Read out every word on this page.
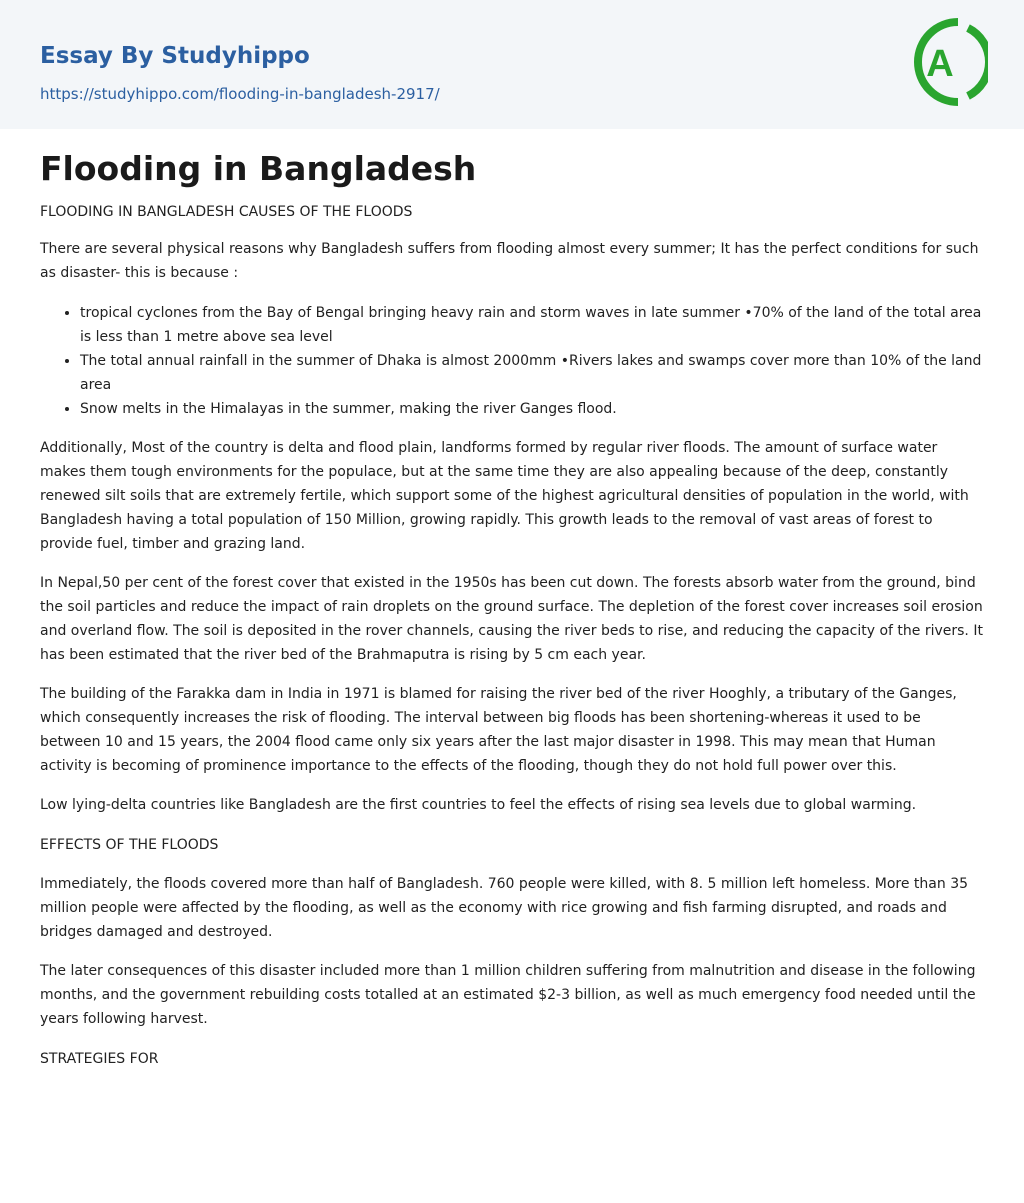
Essay By Studyhippo
https://studyhippo.com/flooding-in-bangladesh-2917/
A
Flooding in Bangladesh

FLOODING IN BANGLADESH CAUSES OF THE FLOODS

There are several physical reasons why Bangladesh suffers from flooding almost every summer; It has the perfect conditions for such as disaster- this is because :

• tropical cyclones from the Bay of Bengal bringing heavy rain and storm waves in late summer •70% of the land of the total area is less than 1 metre above sea level
• The total annual rainfall in the summer of Dhaka is almost 2000mm •Rivers lakes and swamps cover more than 10% of the land area
• Snow melts in the Himalayas in the summer, making the river Ganges flood.

Additionally, Most of the country is delta and flood plain, landforms formed by regular river floods. The amount of surface water makes them tough environments for the populace, but at the same time they are also appealing because of the deep, constantly renewed silt soils that are extremely fertile, which support some of the highest agricultural densities of population in the world, with Bangladesh having a total population of 150 Million, growing rapidly. This growth leads to the removal of vast areas of forest to provide fuel, timber and grazing land.

In Nepal,50 per cent of the forest cover that existed in the 1950s has been cut down. The forests absorb water from the ground, bind the soil particles and reduce the impact of rain droplets on the ground surface. The depletion of the forest cover increases soil erosion and overland flow. The soil is deposited in the rover channels, causing the river beds to rise, and reducing the capacity of the rivers. It has been estimated that the river bed of the Brahmaputra is rising by 5 cm each year.

The building of the Farakka dam in India in 1971 is blamed for raising the river bed of the river Hooghly, a tributary of the Ganges, which consequently increases the risk of flooding. The interval between big floods has been shortening-whereas it used to be between 10 and 15 years, the 2004 flood came only six years after the last major disaster in 1998. This may mean that Human activity is becoming of prominence importance to the effects of the flooding, though they do not hold full power over this.

Low lying-delta countries like Bangladesh are the first countries to feel the effects of rising sea levels due to global warming.

EFFECTS OF THE FLOODS

Immediately, the floods covered more than half of Bangladesh. 760 people were killed, with 8. 5 million left homeless. More than 35 million people were affected by the flooding, as well as the economy with rice growing and fish farming disrupted, and roads and bridges damaged and destroyed.

The later consequences of this disaster included more than 1 million children suffering from malnutrition and disease in the following months, and the government rebuilding costs totalled at an estimated $2-3 billion, as well as much emergency food needed until the years following harvest.

STRATEGIES FOR
